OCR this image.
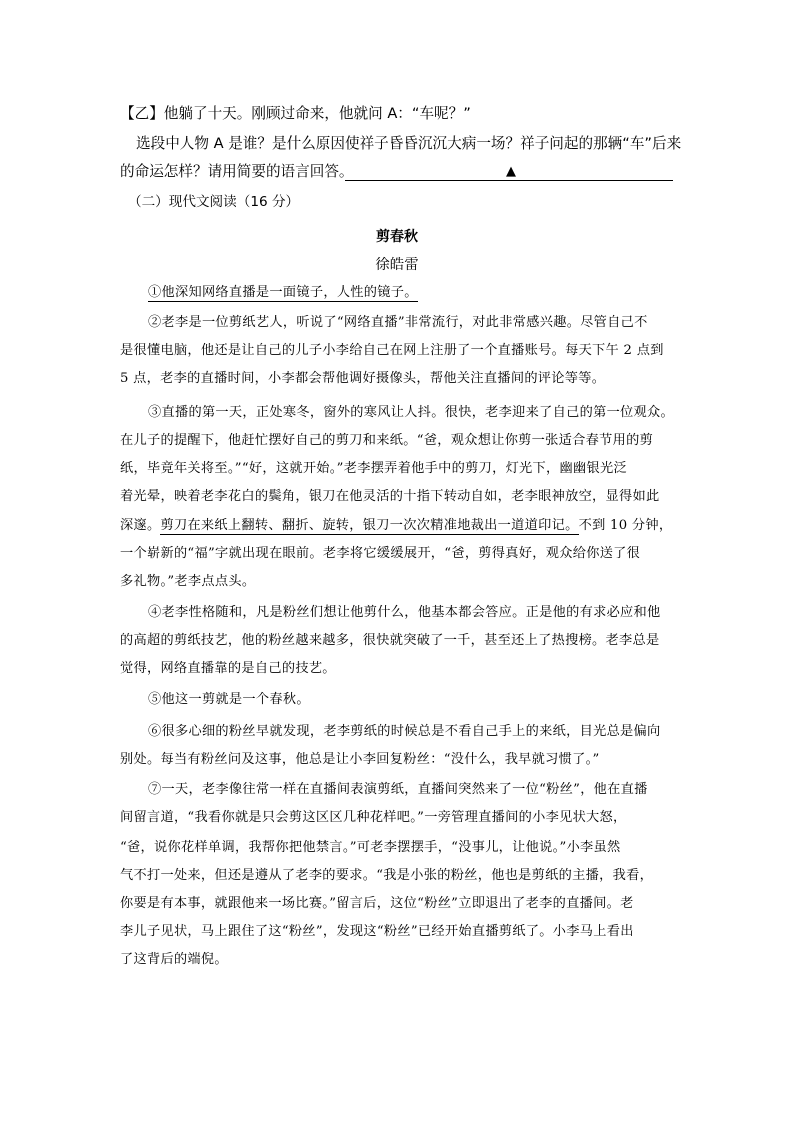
【乙】他躺了十天。刚顾过命来，他就问 A：“车呢？”
选段中人物 A 是谁？是什么原因使祥子昏昏沉沉大病一场？祥子问起的那辆“车”后来
的命运怎样？请用简要的语言回答。	▲
（二）现代文阅读（16 分）
剪春秋
徐皓雷
①他深知网络直播是一面镜子，人性的镜子。
②老李是一位剪纸艺人，听说了“网络直播”非常流行，对此非常感兴趣。尽管自己不
是很懂电脑，他还是让自己的儿子小李给自己在网上注册了一个直播账号。每天下午 2 点到
5 点，老李的直播时间，小李都会帮他调好摄像头，帮他关注直播间的评论等等。
③直播的第一天，正处寒冬，窗外的寒风让人抖。很快，老李迎来了自己的第一位观众。
在儿子的提醒下，他赶忙摆好自己的剪刀和来纸。“爸，观众想让你剪一张适合春节用的剪
纸，毕竟年关将至。”“好，这就开始。”老李摆弄着他手中的剪刀，灯光下，幽幽银光泛
着光晕，映着老李花白的鬓角，银刀在他灵活的十指下转动自如，老李眼神放空，显得如此
深邃。剪刀在来纸上翻转、翻折、旋转，银刀一次次精准地裁出一道道印记。不到 10 分钟，
一个崭新的“福”字就出现在眼前。老李将它缓缓展开，“爸，剪得真好，观众给你送了很
多礼物。”老李点点头。
④老李性格随和，凡是粉丝们想让他剪什么，他基本都会答应。正是他的有求必应和他
的高超的剪纸技艺，他的粉丝越来越多，很快就突破了一千，甚至还上了热搜榜。老李总是
觉得，网络直播靠的是自己的技艺。
⑤他这一剪就是一个春秋。
⑥很多心细的粉丝早就发现，老李剪纸的时候总是不看自己手上的来纸，目光总是偏向
别处。每当有粉丝问及这事，他总是让小李回复粉丝：“没什么，我早就习惯了。”
⑦一天，老李像往常一样在直播间表演剪纸，直播间突然来了一位“粉丝”，他在直播
间留言道，“我看你就是只会剪这区区几种花样吧。”一旁管理直播间的小李见状大怒，
“爸，说你花样单调，我帮你把他禁言。”可老李摆摆手，“没事儿，让他说。”小李虽然
气不打一处来，但还是遵从了老李的要求。“我是小张的粉丝，他也是剪纸的主播，我看，
你要是有本事，就跟他来一场比赛。”留言后，这位“粉丝”立即退出了老李的直播间。老
李儿子见状，马上跟住了这“粉丝”，发现这“粉丝”已经开始直播剪纸了。小李马上看出
了这背后的端倪。
